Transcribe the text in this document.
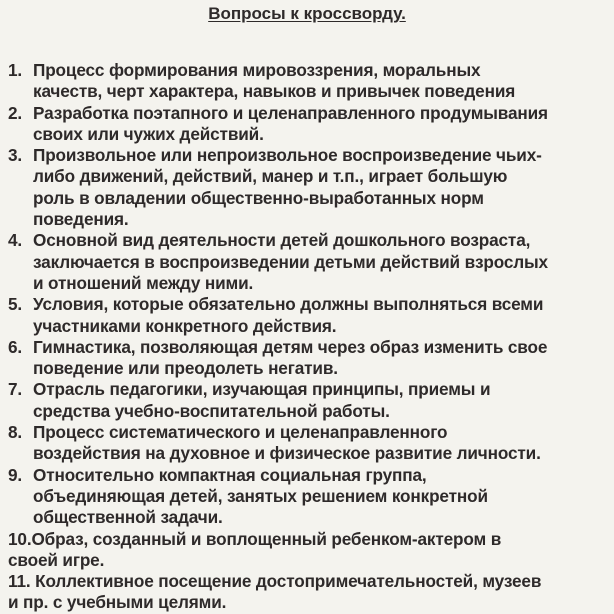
Вопросы к кроссворду.
1. Процесс формирования мировоззрения, моральных
качеств, черт характера, навыков и привычек поведения
2. Разработка поэтапного и целенаправленного продумывания
своих или чужих действий.
3. Произвольное или непроизвольное воспроизведение чьих-
либо движений, действий, манер и т.п., играет большую
роль в овладении общественно-выработанных норм
поведения.
4. Основной вид деятельности детей дошкольного возраста,
заключается в воспроизведении детьми действий взрослых
и отношений между ними.
5. Условия, которые обязательно должны выполняться всеми
участниками конкретного действия.
6. Гимнастика, позволяющая детям через образ изменить свое
поведение или преодолеть негатив.
7. Отрасль педагогики, изучающая принципы, приемы и
средства учебно-воспитательной работы.
8. Процесс систематического и целенаправленного
воздействия на духовное и физическое развитие личности.
9. Относительно компактная социальная группа,
объединяющая детей, занятых решением конкретной
общественной задачи.
10.Образ, созданный и воплощенный ребенком-актером в
своей игре.
11. Коллективное посещение достопримечательностей, музеев
и пр. с учебными целями.
